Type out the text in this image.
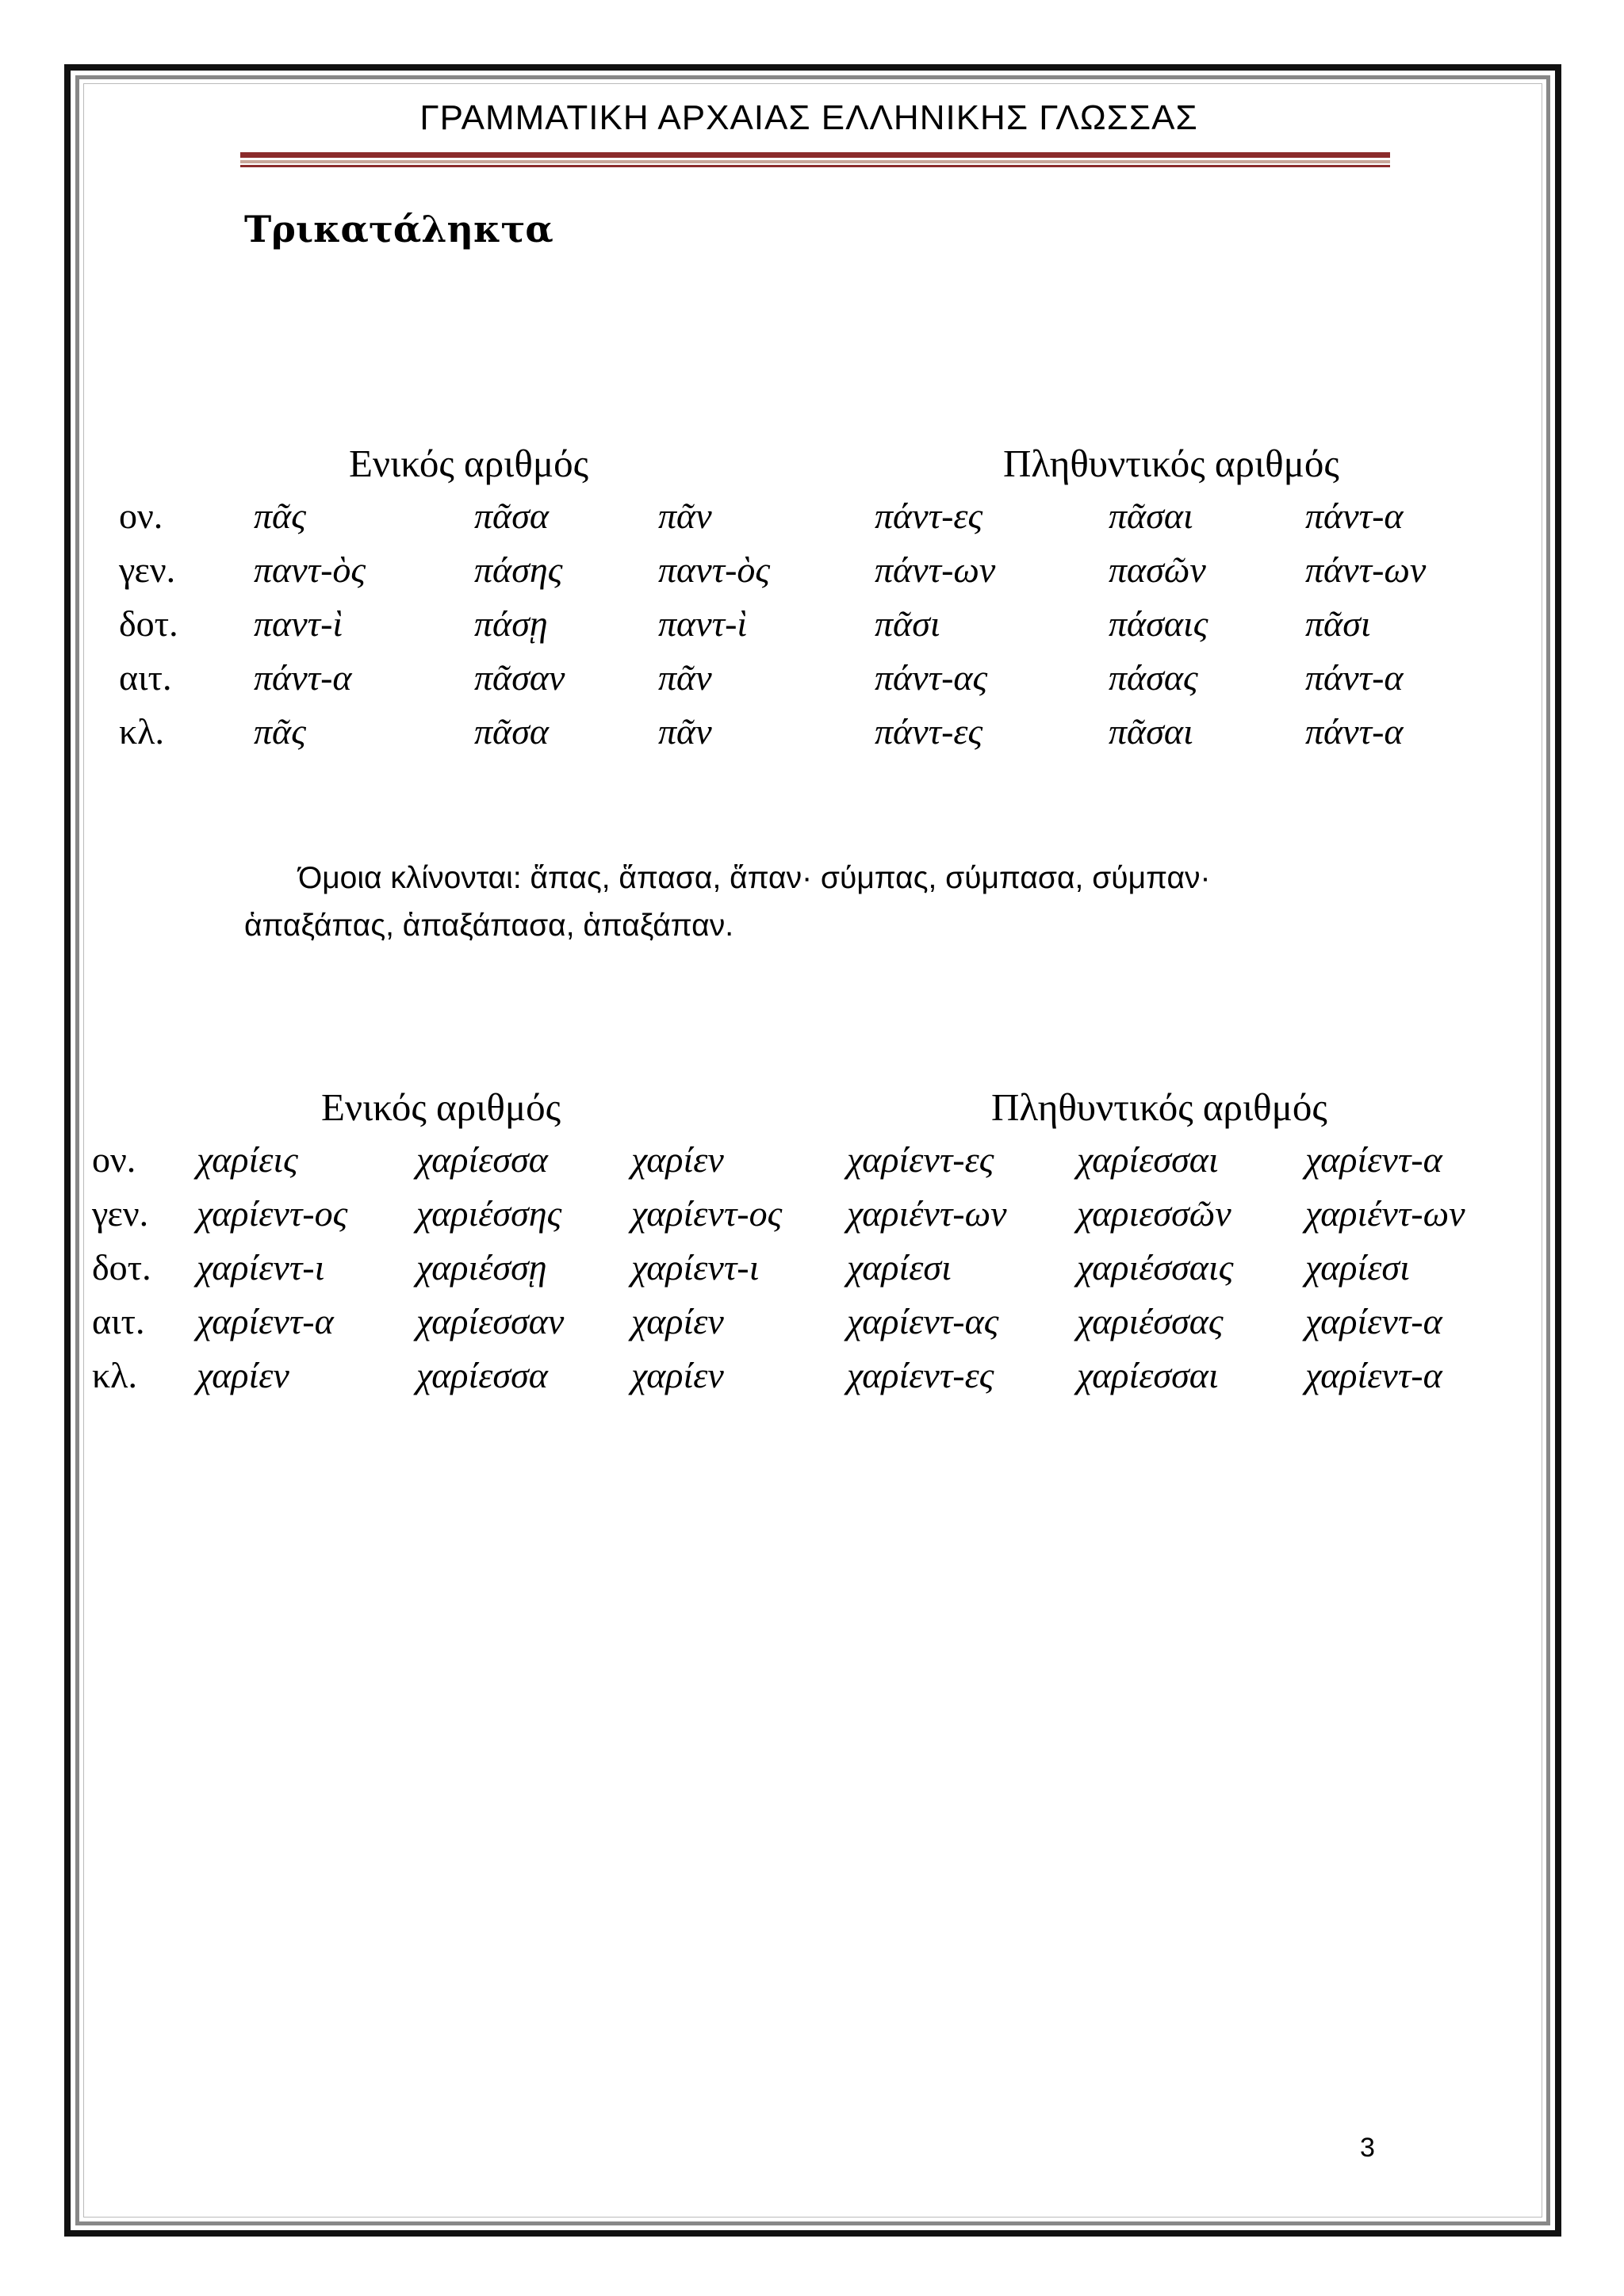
ΓΡΑΜΜΑΤΙΚΗ ΑΡΧΑΙΑΣ ΕΛΛΗΝΙΚΗΣ ΓΛΩΣΣΑΣ
Τρικατάληκτα
Ενικός αριθμός	Πληθυντικός αριθμός
ον. πᾶς	πᾶσα	πᾶν	πάντ-ες	πᾶσαι	πάντ-α
γεν. παντ-ὸς	πάσης	παντ-ὸς	πάντ-ων	πασῶν	πάντ-ων
δοτ. παντ-ὶ	πάσῃ	παντ-ὶ	πᾶσι	πάσαις	πᾶσι
αιτ. πάντ-α	πᾶσαν	πᾶν	πάντ-ας	πάσας	πάντ-α
κλ. πᾶς	πᾶσα	πᾶν	πάντ-ες	πᾶσαι	πάντ-α
Όμοια κλίνονται: ἅπας, ἅπασα, ἅπαν· σύμπας, σύμπασα, σύμπαν·
ἁπαξάπας, ἁπαξάπασα, ἁπαξάπαν.
Ενικός αριθμός	Πληθυντικός αριθμός
ον. χαρίεις	χαρίεσσα χαρίεν	χαρίεντ-ες χαρίεσσαι χαρίεντ-α
γεν. χαρίεντ-ος χαριέσσης χαρίεντ-ος χαριέντ-ων χαριεσσῶν χαριέντ-ων
δοτ. χαρίεντ-ι	χαριέσσῃ χαρίεντ-ι χαρίεσι	χαριέσσαις χαρίεσι
αιτ. χαρίεντ-α χαρίεσσαν χαρίεν	χαρίεντ-ας χαριέσσας χαρίεντ-α
κλ. χαρίεν	χαρίεσσα χαρίεν	χαρίεντ-ες χαρίεσσαι χαρίεντ-α
3
